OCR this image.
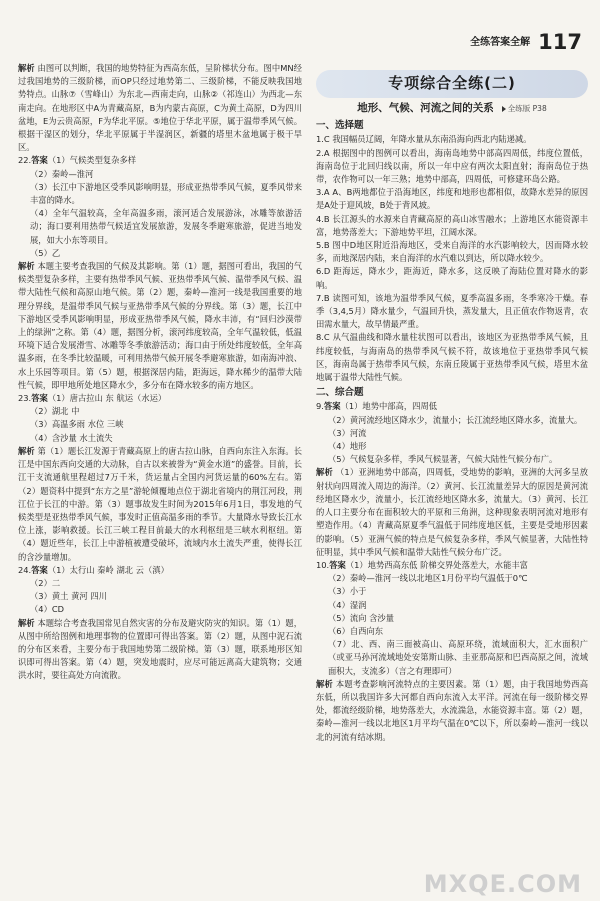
全练答案全解 117

解析 由图可以判断，我国的地势特征为西高东低，呈阶梯状分布。图中MN经过我国地势的三级阶梯，而OP只经过地势第二、三级阶梯，不能反映我国地势特点。山脉⑦（雪峰山）为东北—西南走向，山脉②（祁连山）为西北—东南走向。在地形区中A为青藏高原，B为内蒙古高原，C为黄土高原，D为四川盆地，E为云贵高原，F为华北平原。⑤地位于华北平原，属于温带季风气候。根据干湿区的划分，华北平原属于半湿润区，新疆的塔里木盆地属于极干旱区。

22.答案（1）气候类型复杂多样

（2）秦岭—淮河

（3）长江中下游地区受季风影响明显，形成亚热带季风气候，夏季风带来丰富的降水。

（4）全年气温较高，全年高温多雨，滚河适合发展游泳，冰雕等旅游活动；海口要利用热带气候适宜发展旅游，发展冬季避寒旅游，促进当地发展，如大小东等项目。

（5）乙

解析 本题主要考查我国的气候及其影响。第（1）题，据图可看出，我国的气候类型复杂多样，主要有热带季风气候、亚热带季风气候、温带季风气候、温带大陆性气候和高原山地气候。第（2）题，秦岭—淮河一线是我国重要的地理分界线，是温带季风气候与亚热带季风气候的分界线。第（3）题，长江中下游地区受季风影响明显，形成亚热带季风气候，降水丰沛，有“回归沙漠带上的绿洲”之称。第（4）题，据图分析，滚河纬度较高，全年气温较低，低温环境下适合发展滑雪、冰雕等冬季旅游活动；海口由于所处纬度较低，全年高温多雨，在冬季比较温暖，可利用热带气候开展冬季避寒旅游，如南海冲浪、水上乐园等项目。第（5）题，根据深居内陆，距海远，降水稀少的温带大陆性气候，即甲地所处地区降水少，多分布在降水较多的南方地区。

23.答案（1）唐古拉山 东 航运（水运）

（2）湖北 中

（3）高温多雨 水位 三峡

（4）含沙量 水土流失

解析 第（1）题长江发源于青藏高原上的唐古拉山脉，自西向东注入东海。长江是中国东西向交通的大动脉，自古以来被誉为“黄金水道”的盛誉。目前，长江干支流通航里程超过7万千米，货运量占全国内河货运量的60%左右。第（2）题资料中提到“东方之星”游轮倾覆地点位于湖北省境内的荆江河段，荆江位于长江的中游。第（3）题事故发生时间为2015年6月1日，事发地的气候类型是亚热带季风气候，事发时正值高温多雨的季节。大量降水导致长江水位上涨，影响救援。长江三峡工程目前最大的水利枢纽是三峡水利枢纽。第（4）题近些年，长江上中游植被遭受破坏，流域内水土流失严重，使得长江的含沙量增加。

24.答案（1）太行山 秦岭 湖北 云（滇）

（2）二

（3）黄土 黄河 四川

（4）CD

解析 本题综合考查我国常见自然灾害的分布及避灾防灾的知识。第（1）题，从图中所给图例和地理事物的位置即可得出答案。第（2）题，从图中泥石流的分布区来看，主要分布于我国地势第二级阶梯。第（3）题，联系地形区知识即可得出答案。第（4）题，突发地震时，应尽可能远离高大建筑物；交通洪水时，要往高处方向流散。

专项综合全练(二)
地形、气候、河流之间的关系 全练版 P38

一、选择题

1.C 我国幅员辽阔，年降水量从东南沿海向西北内陆递减。

2.A 根据图中的图例可以看出，海南岛地势中部高四周低，纬度位置低，海南岛位于北回归线以南，所以一年中应有两次太阳直射；海南岛位于热带，农作物可以一年三熟；地势中部高，四周低，可修建环岛公路。

3.A A、B两地都位于沿海地区，纬度和地形也都相似，故降水差异的原因是A处于迎风坡，B处于背风坡。

4.B 长江源头的水源来自青藏高原的高山冰雪融水；上游地区水能资源丰富，地势落差大；下游地势平坦，江阔水深。

5.B 图中D地区附近沿海地区，受来自海洋的水汽影响较大，因而降水较多，而地深居内陆，来自海洋的水汽难以到达，所以降水较少。

6.D 距海远，降水少，距海近，降水多，这反映了海陆位置对降水的影响。

7.B 读图可知，该地为温带季风气候，夏季高温多雨，冬季寒冷干燥。春季（3,4,5月）降水量少，气温回升快，蒸发量大，且正值农作物返青，农田需水量大，故早情最严重。

8.C 从气温曲线和降水量柱状图可以看出，该地区为亚热带季风气候，且纬度较低，与海南岛的热带季风气候不符，故该地位于亚热带季风气候区，海南岛属于热带季风气候，东南丘陵属于亚热带季风气候，塔里木盆地属于温带大陆性气候。

二、综合题

9.答案（1）地势中部高，四周低

（2）黄河流经地区降水少，流量小；长江流经地区降水多，流量大。

（3）河流

（4）地形

（5）气候复杂多样，季风气候显著，气候大陆性气候分布广。

解析 （1）亚洲地势中部高，四周低，受地势的影响，亚洲的大河多呈放射状向四周流入周边的海洋。（2）黄河、长江流量差异大的原因是黄河流经地区降水少，流量小，长江流经地区降水多，流量大。（3）黄河、长江的人口主要分布在面积较大的平原和三角洲，这种现象表明河流对地形有塑造作用。（4）青藏高原夏季气温低于同纬度地区低，主要是受地形因素的影响。（5）亚洲气候的特点是气候复杂多样，季风气候显著，大陆性特征明显，其中季风气候和温带大陆性气候分布广泛。

10.答案（1）地势西高东低 阶梯交界处落差大，水能丰富

（2）秦岭—淮河一线以北地区1月份平均气温低于0℃

（3）小于

（4）湿润

（5）流向 含沙量

（6）自西向东

（7）北、西、南三面被高山、高原环绕，流域面积大，汇水面积广（或亚马孙河流域地处安第斯山脉、圭亚那高原和巴西高原之间，流域面积大，支流多）（言之有理即可）

解析 本题考查影响河流特点的主要因素。第（1）题，由于我国地势西高东低，所以我国许多大河都自西向东流入太平洋。河流在每一级阶梯交界处，都流经级阶梯，地势落差大，水流湍急，水能资源丰富。第（2）题，秦岭—淮河一线以北地区1月平均气温在0℃以下，所以秦岭—淮河一线以北的河流有结冰期。

MXQE.COM
